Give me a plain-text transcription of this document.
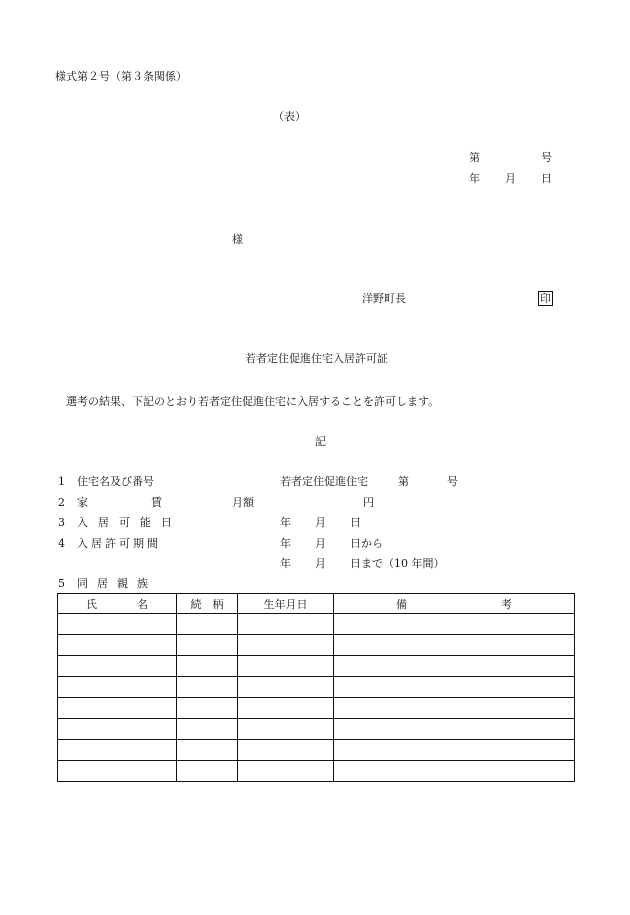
様式第２号（第３条関係）
（表）
第	号
年 月 日
様
洋野町長	印
若者定住促進住宅入居許可証
選考の結果、下記のとおり若者定住促進住宅に入居することを許可します。
記
1 住宅名及び番号	若者定住促進住宅	第	号
2 家	賃	月額	円
3 入居可能日	年 月 日
4 入居許可期間	年 月 日から
年 月 日まで（10 年間）
5 同居親族
氏 名	続　柄	生年月日	備 考
